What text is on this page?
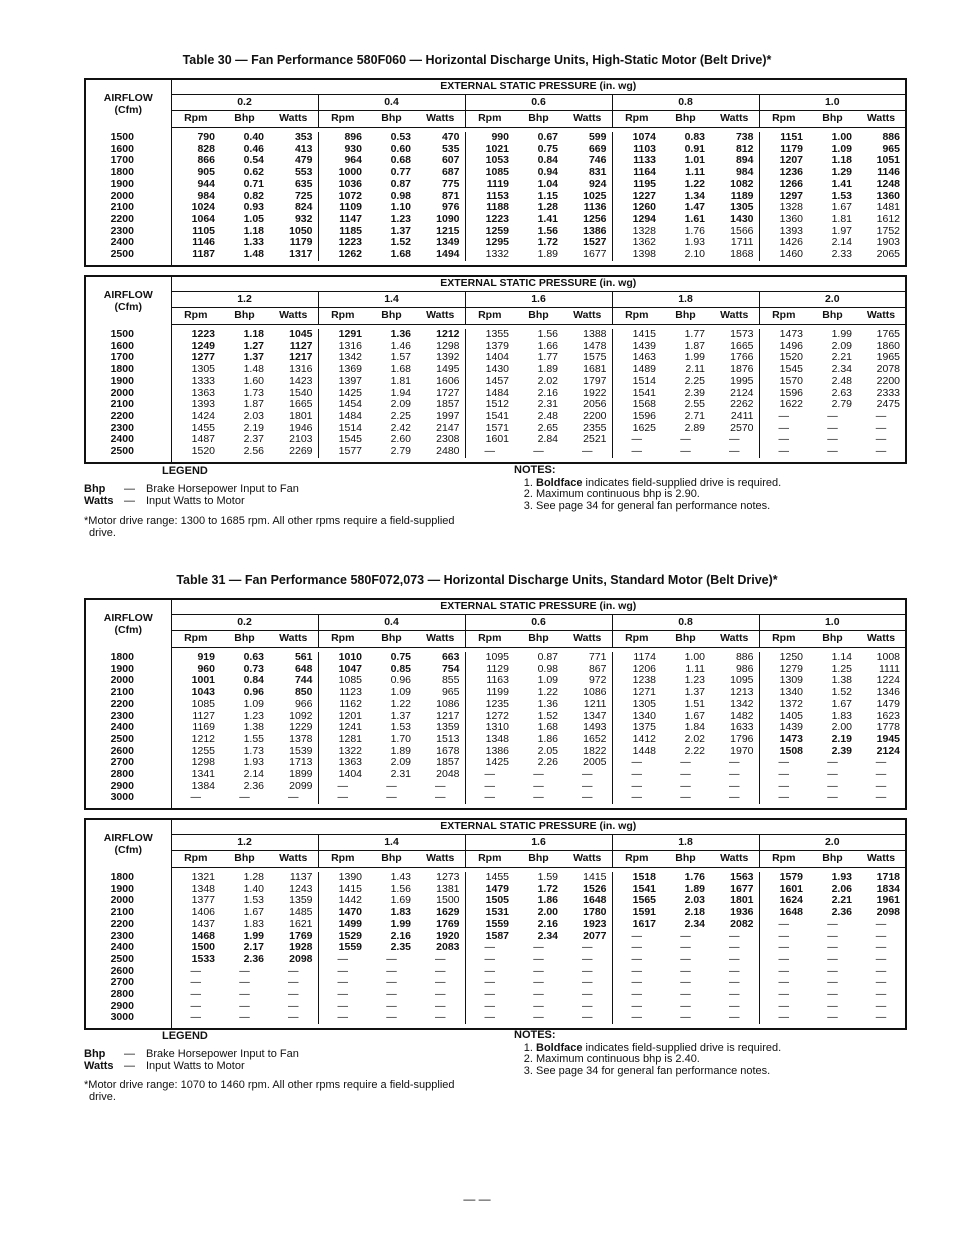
Table 30 — Fan Performance 580F060 — Horizontal Discharge Units, High-Static Motor (Belt Drive)*
AIRFLOW (Cfm)	EXTERNAL STATIC PRESSURE (in. wg)														
	0.2			0.4			0.6			0.8			1.0		
	Rpm	Bhp	Watts	Rpm	Bhp	Watts	Rpm	Bhp	Watts	Rpm	Bhp	Watts	Rpm	Bhp	Watts

1500	790	0.40	353	896	0.53	470	990	0.67	599	1074	0.83	738	1151	1.00	886
1600	828	0.46	413	930	0.60	535	1021	0.75	669	1103	0.91	812	1179	1.09	965
1700	866	0.54	479	964	0.68	607	1053	0.84	746	1133	1.01	894	1207	1.18	1051
1800	905	0.62	553	1000	0.77	687	1085	0.94	831	1164	1.11	984	1236	1.29	1146
1900	944	0.71	635	1036	0.87	775	1119	1.04	924	1195	1.22	1082	1266	1.41	1248
2000	984	0.82	725	1072	0.98	871	1153	1.15	1025	1227	1.34	1189	1297	1.53	1360
2100	1024	0.93	824	1109	1.10	976	1188	1.28	1136	1260	1.47	1305	1328	1.67	1481
2200	1064	1.05	932	1147	1.23	1090	1223	1.41	1256	1294	1.61	1430	1360	1.81	1612
2300	1105	1.18	1050	1185	1.37	1215	1259	1.56	1386	1328	1.76	1566	1393	1.97	1752
2400	1146	1.33	1179	1223	1.52	1349	1295	1.72	1527	1362	1.93	1711	1426	2.14	1903
2500	1187	1.48	1317	1262	1.68	1494	1332	1.89	1677	1398	2.10	1868	1460	2.33	2065

AIRFLOW (Cfm)	EXTERNAL STATIC PRESSURE (in. wg)														
	1.2			1.4			1.6			1.8			2.0		
	Rpm	Bhp	Watts	Rpm	Bhp	Watts	Rpm	Bhp	Watts	Rpm	Bhp	Watts	Rpm	Bhp	Watts

1500	1223	1.18	1045	1291	1.36	1212	1355	1.56	1388	1415	1.77	1573	1473	1.99	1765
1600	1249	1.27	1127	1316	1.46	1298	1379	1.66	1478	1439	1.87	1665	1496	2.09	1860
1700	1277	1.37	1217	1342	1.57	1392	1404	1.77	1575	1463	1.99	1766	1520	2.21	1965
1800	1305	1.48	1316	1369	1.68	1495	1430	1.89	1681	1489	2.11	1876	1545	2.34	2078
1900	1333	1.60	1423	1397	1.81	1606	1457	2.02	1797	1514	2.25	1995	1570	2.48	2200
2000	1363	1.73	1540	1425	1.94	1727	1484	2.16	1922	1541	2.39	2124	1596	2.63	2333
2100	1393	1.87	1665	1454	2.09	1857	1512	2.31	2056	1568	2.55	2262	1622	2.79	2475
2200	1424	2.03	1801	1484	2.25	1997	1541	2.48	2200	1596	2.71	2411	—	—	—
2300	1455	2.19	1946	1514	2.42	2147	1571	2.65	2355	1625	2.89	2570	—	—	—
2400	1487	2.37	2103	1545	2.60	2308	1601	2.84	2521	—	—	—	—	—	—
2500	1520	2.56	2269	1577	2.79	2480	—	—	—	—	—	—	—	—	—

LEGEND
Bhp	—	Brake Horsepower Input to Fan
Watts —	Input Watts to Motor
NOTES:
1. Boldface indicates field-supplied drive is required.
2. Maximum continuous bhp is 2.90.
3. See page 34 for general fan performance notes.
*Motor drive range: 1300 to 1685 rpm. All other rpms require a field-supplied
drive.
Table 31 — Fan Performance 580F072,073 — Horizontal Discharge Units, Standard Motor (Belt Drive)*
AIRFLOW (Cfm)	EXTERNAL STATIC PRESSURE (in. wg)														
	0.2			0.4			0.6			0.8			1.0		
	Rpm	Bhp	Watts	Rpm	Bhp	Watts	Rpm	Bhp	Watts	Rpm	Bhp	Watts	Rpm	Bhp	Watts

1800	919	0.63	561	1010	0.75	663	1095	0.87	771	1174	1.00	886	1250	1.14	1008
1900	960	0.73	648	1047	0.85	754	1129	0.98	867	1206	1.11	986	1279	1.25	1111
2000	1001	0.84	744	1085	0.96	855	1163	1.09	972	1238	1.23	1095	1309	1.38	1224
2100	1043	0.96	850	1123	1.09	965	1199	1.22	1086	1271	1.37	1213	1340	1.52	1346
2200	1085	1.09	966	1162	1.22	1086	1235	1.36	1211	1305	1.51	1342	1372	1.67	1479
2300	1127	1.23	1092	1201	1.37	1217	1272	1.52	1347	1340	1.67	1482	1405	1.83	1623
2400	1169	1.38	1229	1241	1.53	1359	1310	1.68	1493	1375	1.84	1633	1439	2.00	1778
2500	1212	1.55	1378	1281	1.70	1513	1348	1.86	1652	1412	2.02	1796	1473	2.19	1945
2600	1255	1.73	1539	1322	1.89	1678	1386	2.05	1822	1448	2.22	1970	1508	2.39	2124
2700	1298	1.93	1713	1363	2.09	1857	1425	2.26	2005	—	—	—	—	—	—
2800	1341	2.14	1899	1404	2.31	2048	—	—	—	—	—	—	—	—	—
2900	1384	2.36	2099	—	—	—	—	—	—	—	—	—	—	—	—
3000	—	—	—	—	—	—	—	—	—	—	—	—	—	—	—

AIRFLOW (Cfm)	EXTERNAL STATIC PRESSURE (in. wg)														
	1.2			1.4			1.6			1.8			2.0		
	Rpm	Bhp	Watts	Rpm	Bhp	Watts	Rpm	Bhp	Watts	Rpm	Bhp	Watts	Rpm	Bhp	Watts

1800	1321	1.28	1137	1390	1.43	1273	1455	1.59	1415	1518	1.76	1563	1579	1.93	1718
1900	1348	1.40	1243	1415	1.56	1381	1479	1.72	1526	1541	1.89	1677	1601	2.06	1834
2000	1377	1.53	1359	1442	1.69	1500	1505	1.86	1648	1565	2.03	1801	1624	2.21	1961
2100	1406	1.67	1485	1470	1.83	1629	1531	2.00	1780	1591	2.18	1936	1648	2.36	2098
2200	1437	1.83	1621	1499	1.99	1769	1559	2.16	1923	1617	2.34	2082	—	—	—
2300	1468	1.99	1769	1529	2.16	1920	1587	2.34	2077	—	—	—	—	—	—
2400	1500	2.17	1928	1559	2.35	2083	—	—	—	—	—	—	—	—	—
2500	1533	2.36	2098	—	—	—	—	—	—	—	—	—	—	—	—
2600	—	—	—	—	—	—	—	—	—	—	—	—	—	—	—
2700	—	—	—	—	—	—	—	—	—	—	—	—	—	—	—
2800	—	—	—	—	—	—	—	—	—	—	—	—	—	—	—
2900	—	—	—	—	—	—	—	—	—	—	—	—	—	—	—
3000	—	—	—	—	—	—	—	—	—	—	—	—	—	—	—

LEGEND
Bhp	—	Brake Horsepower Input to Fan
Watts —	Input Watts to Motor
NOTES:
1. Boldface indicates field-supplied drive is required.
2. Maximum continuous bhp is 2.40.
3. See page 34 for general fan performance notes.
*Motor drive range: 1070 to 1460 rpm. All other rpms require a field-supplied
drive.
— —
